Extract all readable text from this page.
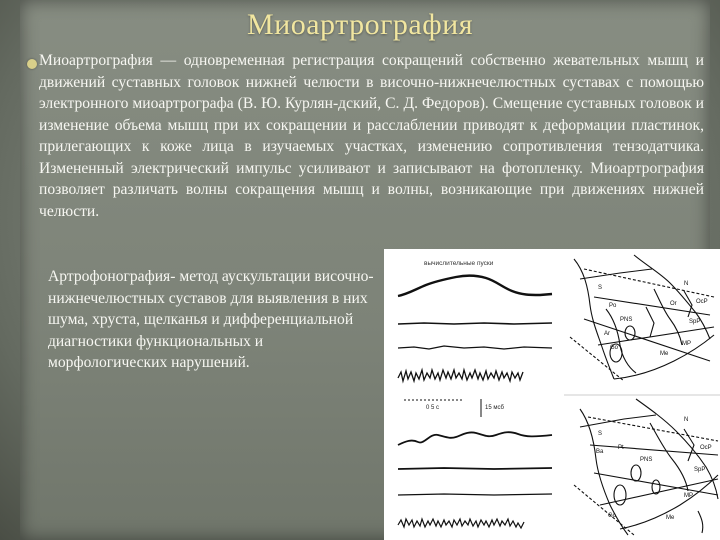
Миоартрография
Миоартрография — одновременная регистрация сокращений собственно жевательных мышц и движений суставных головок нижней челюсти в височно-нижнечелюстных суставах с помощью электронного миоартрографа (В. Ю. Курлян-дский, С. Д. Федоров). Смещение суставных головок и изменение объема мышц при их сокращении и расслаблении приводят к деформации пластинок, прилегающих к коже лица в изучаемых участках, изменению сопротивления тензодатчика. Измененный электрический импульс усиливают и записывают на фотопленку. Миоартрография позволяет различать волны сокращения мышц и волны, возникающие при движениях нижней челюсти.
Артрофонография- метод аускультации височно-нижнечелюстных суставов для выявления в них шума, хруста, щелканья и дифференциальной диагностики функциональных и морфологических нарушений.
вычислительные пуски
0 5 с	15 мсб
Po
PNS
Ar
Go
Me
SpP
OcP
MP
S
N
Or
S
N
Ba
Pt
PNS
SpP
OcP
Go	Me
MP
